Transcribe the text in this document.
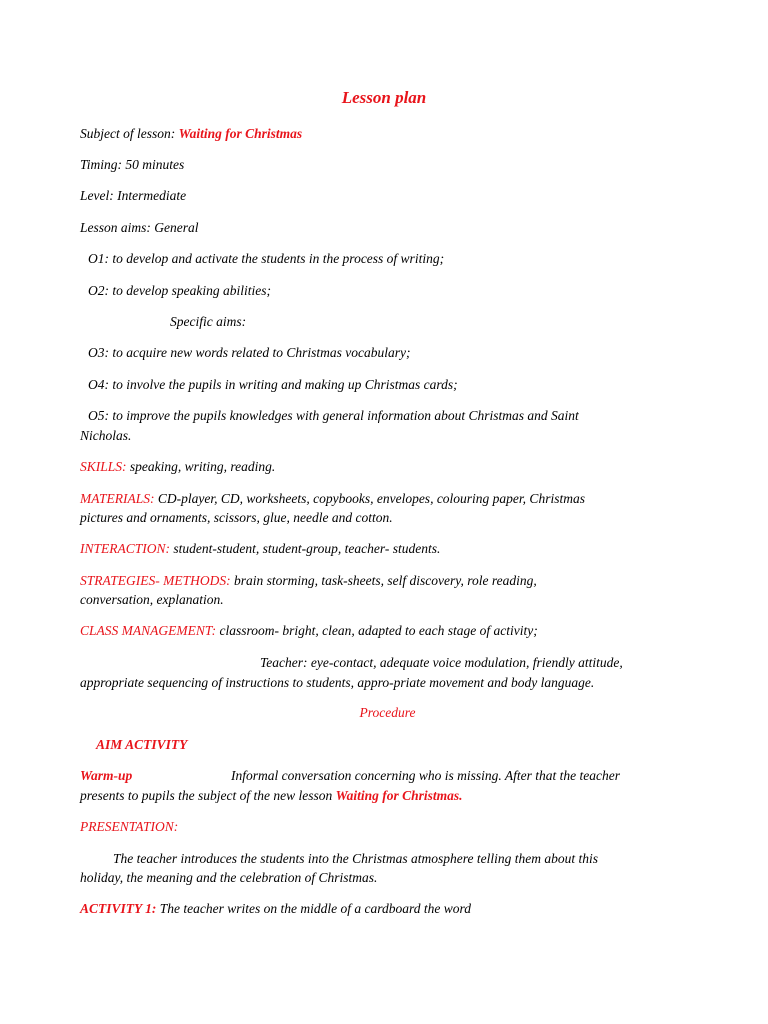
Lesson plan
Subject of lesson: Waiting for Christmas
Timing: 50 minutes
Level: Intermediate
Lesson aims: General
O1: to develop and activate the students in the process of writing;
O2: to develop speaking abilities;
Specific aims:
O3: to acquire new words related to Christmas vocabulary;
O4: to involve the pupils in writing and making up Christmas cards;
O5: to improve the pupils knowledges with general information about Christmas and Saint
Nicholas.
SKILLS: speaking, writing, reading.
MATERIALS: CD-player, CD, worksheets, copybooks, envelopes, colouring paper, Christmas
pictures and ornaments, scissors, glue, needle and cotton.
INTERACTION: student-student, student-group, teacher- students.
STRATEGIES- METHODS: brain storming, task-sheets, self discovery, role reading,
conversation, explanation.
CLASS MANAGEMENT: classroom- bright, clean, adapted to each stage of activity;
Teacher: eye-contact, adequate voice modulation, friendly attitude,
appropriate sequencing of instructions to students, appro-priate movement and body language.
Procedure
AIM ACTIVITY
Warm-up	Informal conversation concerning who is missing. After that the teacher
presents to pupils the subject of the new lesson Waiting for Christmas.
PRESENTATION:
The teacher introduces the students into the Christmas atmosphere telling them about this
holiday, the meaning and the celebration of Christmas.
ACTIVITY 1: The teacher writes on the middle of a cardboard the word
